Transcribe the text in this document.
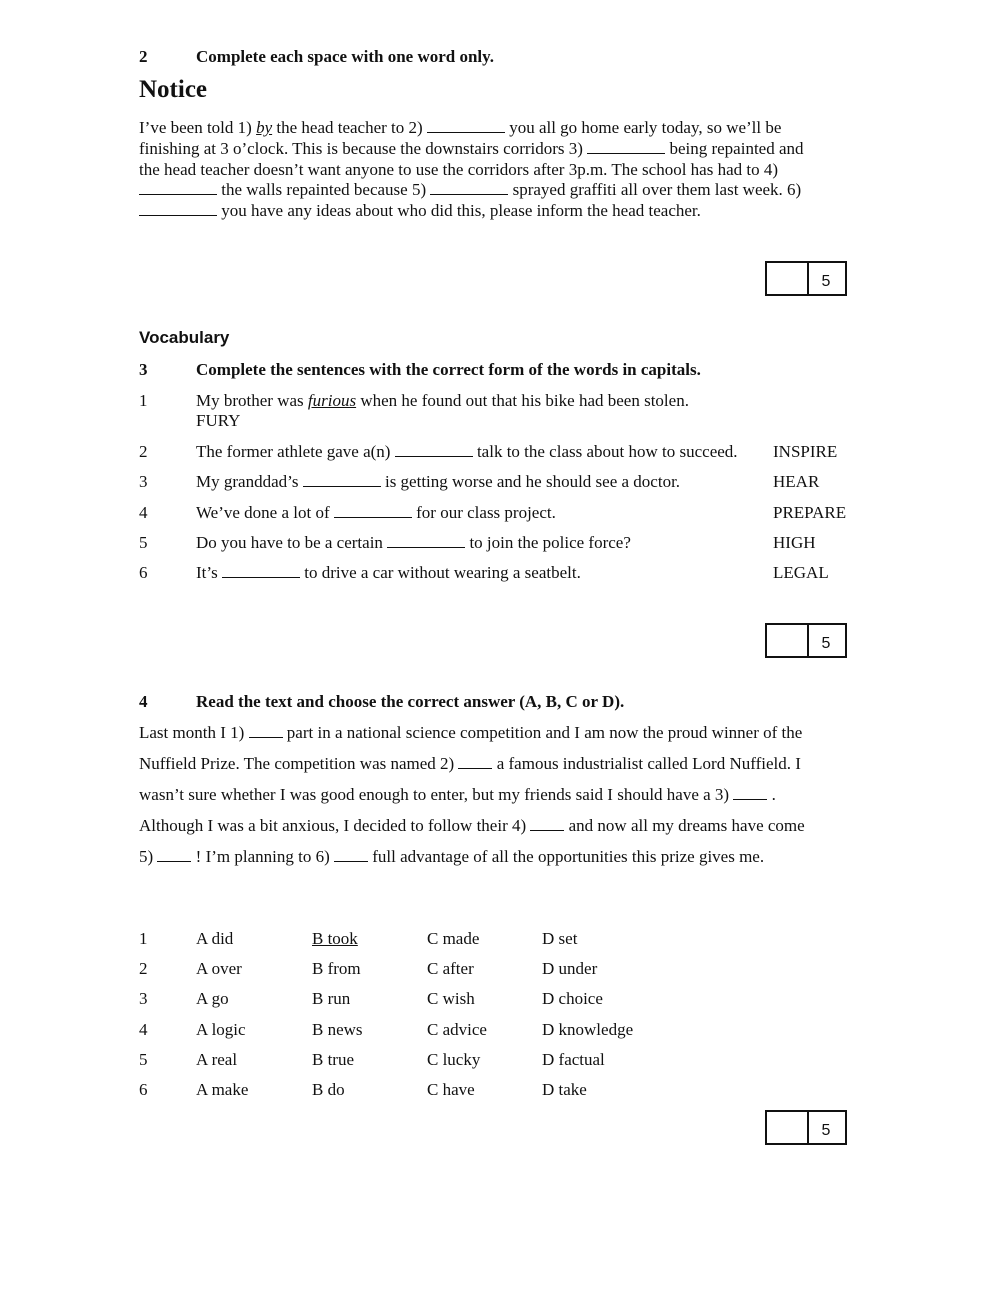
2	Complete each space with one word only.
Notice
I’ve been told 1) by the head teacher to 2)	you all go home early today, so we’ll be
finishing at 3 o’clock. This is because the downstairs corridors 3)	being repainted and
the head teacher doesn’t want anyone to use the corridors after 3p.m. The school has had to 4)
the walls repainted because 5)	sprayed graffiti all over them last week. 6)
you have any ideas about who did this, please inform the head teacher.
5
Vocabulary
3	Complete the sentences with the correct form of the words in capitals.
1	My brother was furious when he found out that his bike had been stolen.
FURY
2	The former athlete gave a(n)	talk to the class about how to succeed. INSPIRE
3	My granddad’s	is getting worse and he should see a doctor.	HEAR
4	We’ve done a lot of	for our class project.	PREPARE
5	Do you have to be a certain	to join the police force?	HIGH
6	It’s	to drive a car without wearing a seatbelt.	LEGAL
5
4	Read the text and choose the correct answer (A, B, C or D).
Last month I 1)  part in a national science competition and I am now the proud winner of the
Nuffield Prize. The competition was named 2)  a famous industrialist called Lord Nuffield. I
wasn’t sure whether I was good enough to enter, but my friends said I should have a 3)  .
Although I was a bit anxious, I decided to follow their 4)  and now all my dreams have come
5)  ! I’m planning to 6)  full advantage of all the opportunities this prize gives me.
1	A did	B took	C made	D set
2	A over	B from	C after	D under
3	A go	B run	C wish	D choice
4	A logic	B news	C advice	D knowledge
5	A real	B true	C lucky	D factual
6	A make	B do	C have	D take
5
